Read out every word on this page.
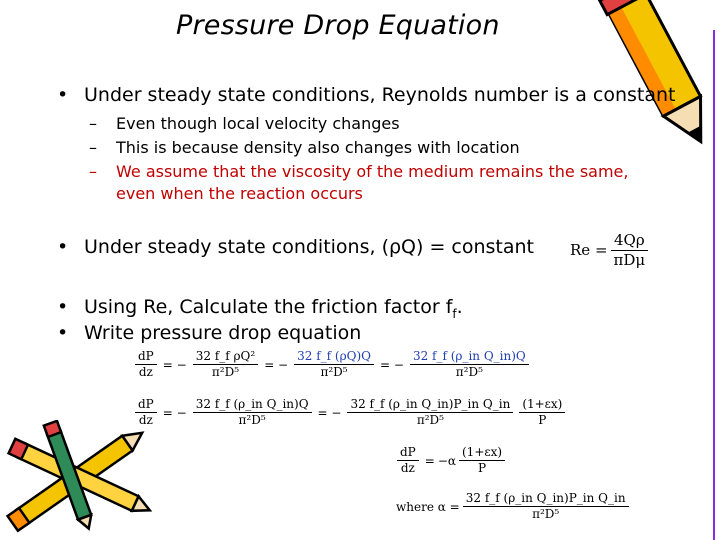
Pressure Drop Equation
• Under steady state conditions, Reynolds number is a constant
– Even though local velocity changes
– This is because density also changes with location
– We assume that the viscosity of the medium remains the same,
even when the reaction occurs
• Under steady state conditions, (ρQ) = constant $Re = \frac{4Q\rho}{\text{πDμ}}$
• Using Re, Calculate the friction factor $f_f$.
• Write pressure drop equation
$\frac{dP}{dz}$ = − $\frac{\text{32 f\_f ρQ²}}{\text{π²D⁵}}$ = − $\frac{32 f\_f (\rho Q)Q}{\text{π²D⁵}}$ = − $\frac{\text{32 f\_f (ρ\_in Q\_in)Q}}{\text{π²D⁵}}$
$\frac{dP}{dz}$ = − $\frac{\text{32 f\_f (ρ\_in Q\_in)Q}}{\text{π²D⁵}}$ = − $\frac{\text{32 f\_f (ρ\_in Q\_in)P\_in Q\_in}}{\text{π²D⁵}} \frac{(1+\varepsilon x)}{P}$
$\frac{dP}{dz} = -\alpha \frac{(1+\varepsilon x)}{P}$
where $\alpha = \frac{\text{32 f\_f (ρ\_in Q\_in)P\_in Q\_in}}{\text{π²D⁵}}$
